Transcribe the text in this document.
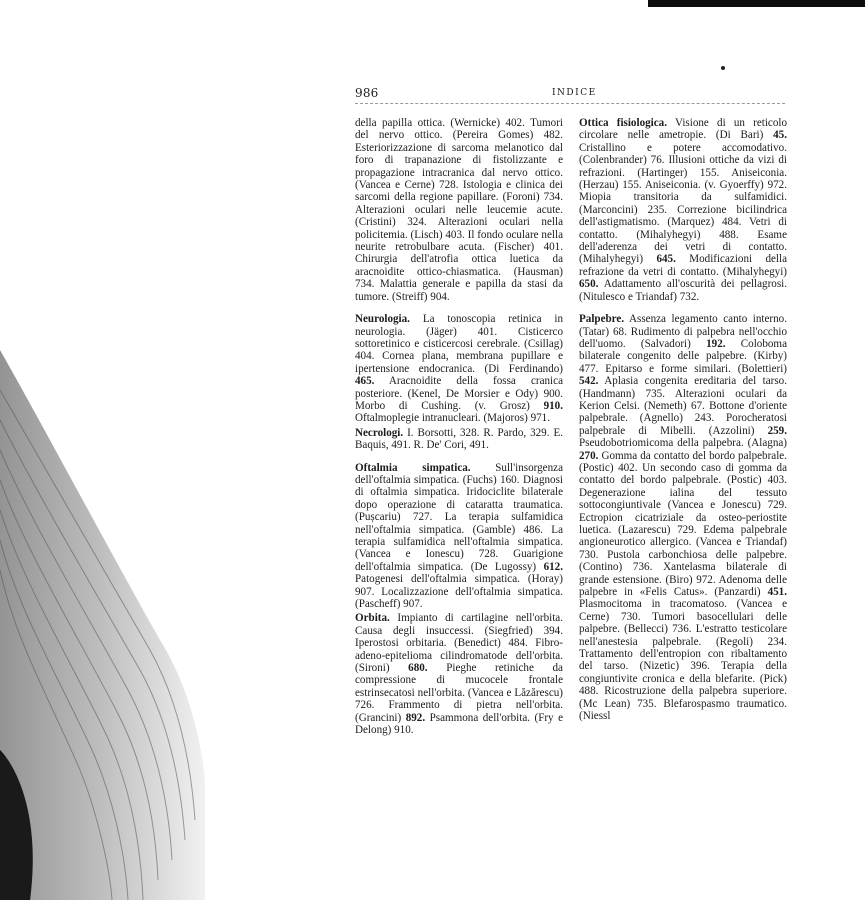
986	INDICE

della papilla ottica. (Wernicke) 402. Tumori del nervo ottico. (Pereira Gomes) 482. Esteriorizzazione di sarcoma melanotico dal foro di trapanazione di fistolizzante e propagazione intracranica dal nervo ottico. (Vancea e Cerne) 728. Istologia e clinica dei sarcomi della regione papillare. (Foroni) 734. Alterazioni oculari nelle leucemie acute. (Cristini) 324. Alterazioni oculari nella policitemia. (Lisch) 403. Il fondo oculare nella neurite retrobulbare acuta. (Fischer) 401. Chirurgia dell'atrofia ottica luetica da aracnoidite ottico-chiasmatica. (Hausman) 734. Malattia generale e papilla da stasi da tumore. (Streiff) 904.

Neurologia. La tonoscopia retinica in neurologia. (Jäger) 401. Cisticerco sottoretinico e cisticercosi cerebrale. (Csillag) 404. Cornea plana, membrana pupillare e ipertensione endocranica. (Di Ferdinando) 465. Aracnoidite della fossa cranica posteriore. (Kenel, De Morsier e Ody) 900. Morbo di Cushing. (v. Grosz) 910. Oftalmoplegie intranucleari. (Majoros) 971.

Necrologi. I. Borsotti, 328. R. Pardo, 329. E. Baquis, 491. R. De' Cori, 491.

Oftalmia simpatica. Sull'insorgenza dell'oftalmia simpatica. (Fuchs) 160. Diagnosi di oftalmia simpatica. Iridociclite bilaterale dopo operazione di cataratta traumatica. (Pușcariu) 727. La terapia sulfamidica nell'oftalmia simpatica. (Gamble) 486. La terapia sulfamidica nell'oftalmia simpatica. (Vancea e Ionescu) 728. Guarigione dell'oftalmia simpatica. (De Lugossy) 612. Patogenesi dell'oftalmia simpatica. (Horay) 907. Localizzazione dell'oftalmia simpatica. (Pascheff) 907.

Orbita. Impianto di cartilagine nell'orbita. Causa degli insuccessi. (Siegfried) 394. Iperostosi orbitaria. (Benedict) 484. Fibro-adeno-epitelioma cilindromatode dell'orbita. (Sironi) 680. Pieghe retiniche da compressione di mucocele frontale estrinsecatosi nell'orbita. (Vancea e Lăzărescu) 726. Frammento di pietra nell'orbita. (Grancini) 892. Psammona dell'orbita. (Fry e Delong) 910.

Ottica fisiologica. Visione di un reticolo circolare nelle ametropie. (Di Bari) 45. Cristallino e potere accomodativo. (Colenbrander) 76. Illusioni ottiche da vizi di refrazioni. (Hartinger) 155. Aniseiconia. (Herzau) 155. Aniseiconia. (v. Gyoerffy) 972. Miopia transitoria da sulfamidici. (Marconcini) 235. Correzione bicilindrica dell'astigmatismo. (Marquez) 484. Vetri di contatto. (Mihalyhegyi) 488. Esame dell'aderenza dei vetri di contatto. (Mihalyhegyi) 645. Modificazioni della refrazione da vetri di contatto. (Mihalyhegyi) 650. Adattamento all'oscurità dei pellagrosi. (Nitulesco e Triandaf) 732.

Palpebre. Assenza legamento canto interno. (Tatar) 68. Rudimento di palpebra nell'occhio dell'uomo. (Salvadori) 192. Coloboma bilaterale congenito delle palpebre. (Kirby) 477. Epitarso e forme similari. (Bolettieri) 542. Aplasia congenita ereditaria del tarso. (Handmann) 735. Alterazioni oculari da Kerion Celsi. (Nemeth) 67. Bottone d'oriente palpebrale. (Agnello) 243. Porocheratosi palpebrale di Mibelli. (Azzolini) 259. Pseudobotriomicoma della palpebra. (Alagna) 270. Gomma da contatto del bordo palpebrale. (Postic) 402. Un secondo caso di gomma da contatto del bordo palpebrale. (Postic) 403. Degenerazione ialina del tessuto sottocongiuntivale (Vancea e Jonescu) 729. Ectropion cicatriziale da osteo-periostite luetica. (Lazarescu) 729. Edema palpebrale angioneurotico allergico. (Vancea e Triandaf) 730. Pustola carbonchiosa delle palpebre. (Contino) 736. Xantelasma bilaterale di grande estensione. (Biro) 972. Adenoma delle palpebre in «Felis Catus». (Panzardi) 451. Plasmocitoma in tracomatoso. (Vancea e Cerne) 730. Tumori basocellulari delle palpebre. (Bellecci) 736. L'estratto testicolare nell'anestesia palpebrale. (Regoli) 234. Trattamento dell'entropion con ribaltamento del tarso. (Nizetic) 396. Terapia della congiuntivite cronica e della blefarite. (Pick) 488. Ricostruzione della palpebra superiore. (Mc Lean) 735. Blefarospasmo traumatico. (Niessl
